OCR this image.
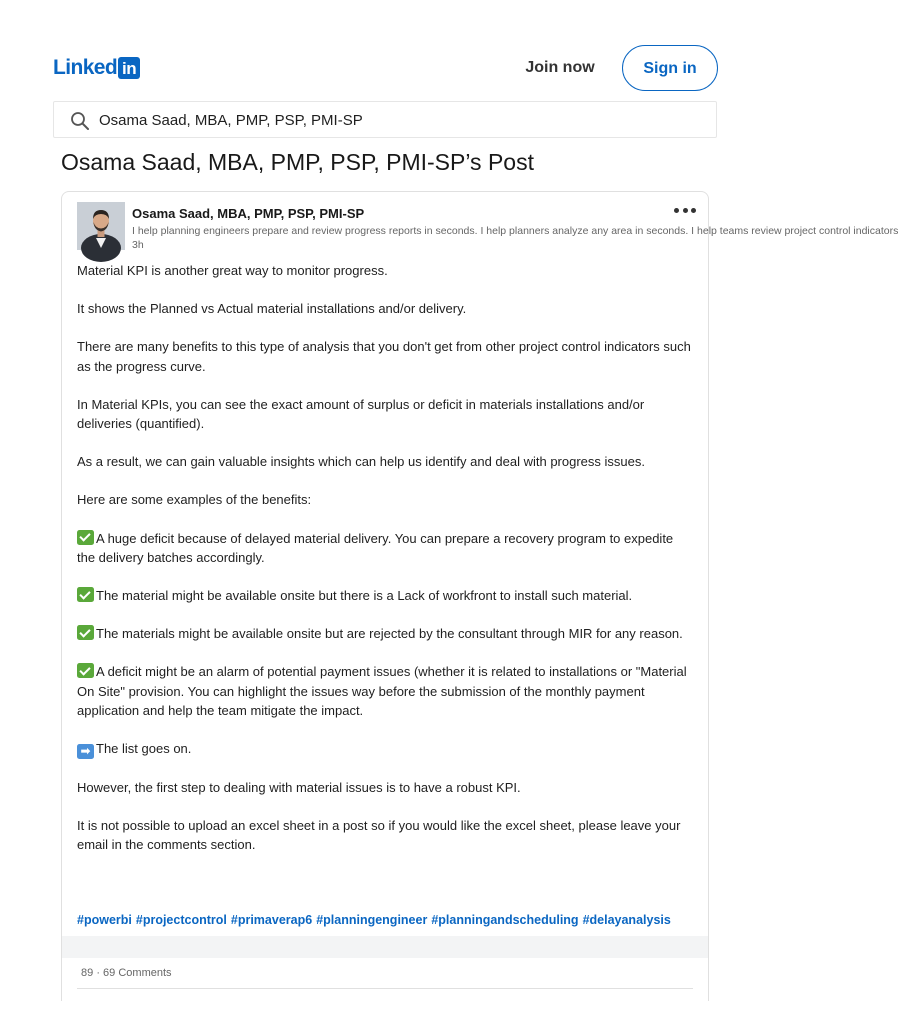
Linked in	Join now	Sign in
Osama Saad, MBA, PMP, PSP, PMI-SP
Osama Saad, MBA, PMP, PSP, PMI-SP’s Post
Osama Saad, MBA, PMP, PSP, PMI-SP
I help planning engineers prepare and review progress reports in seconds. I help planners analyze any area in seconds. I help teams review project control indicators
3h

Material KPI is another great way to monitor progress.

It shows the Planned vs Actual material installations and/or delivery.

There are many benefits to this type of analysis that you don't get from other project control indicators such as the progress curve.

In Material KPIs, you can see the exact amount of surplus or deficit in materials installations and/or deliveries (quantified).

As a result, we can gain valuable insights which can help us identify and deal with progress issues.

Here are some examples of the benefits:

A huge deficit because of delayed material delivery. You can prepare a recovery program to expedite the delivery batches accordingly.

The material might be available onsite but there is a Lack of workfront to install such material.

The materials might be available onsite but are rejected by the consultant through MIR for any reason.

A deficit might be an alarm of potential payment issues (whether it is related to installations or "Material On Site" provision. You can highlight the issues way before the submission of the monthly payment application and help the team mitigate the impact.

➡ The list goes on.

However, the first step to dealing with material issues is to have a robust KPI.

It is not possible to upload an excel sheet in a post so if you would like the excel sheet, please leave your email in the comments section.

#powerbi #projectcontrol #primaverap6 #planningengineer #planningandscheduling #delayanalysis
89 · 69 Comments
